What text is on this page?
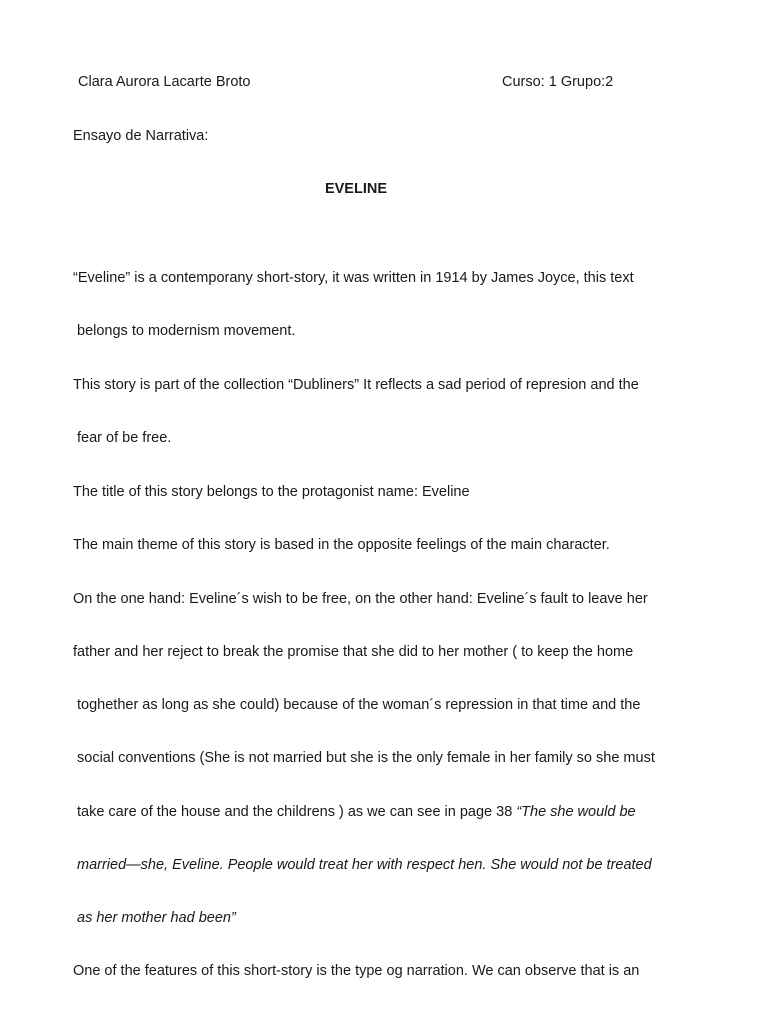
Clara Aurora Lacarte Broto	Curso: 1 Grupo:2
Ensayo de Narrativa:
EVELINE
“Eveline” is a contemporany short-story, it was written in 1914 by James Joyce, this text
belongs to modernism movement.
This story is part of the collection “Dubliners” It reflects a sad period of represion and the
fear of be free.
The title of this story belongs to the protagonist name: Eveline
The main theme of this story is based in the opposite feelings of the main character.
On the one hand: Eveline´s wish to be free, on the other hand: Eveline´s fault to leave her
father and her reject to break the promise that she did to her mother ( to keep the home
toghether as long as she could) because of the woman´s repression in that time and the
social conventions (She is not married but she is the only female in her family so she must
take care of the house and the childrens ) as we can see in page 38 “The she would be
married—she, Eveline. People would treat her with respect hen. She would not be treated
as her mother had been”
One of the features of this short-story is the type og narration. We can observe that is an
